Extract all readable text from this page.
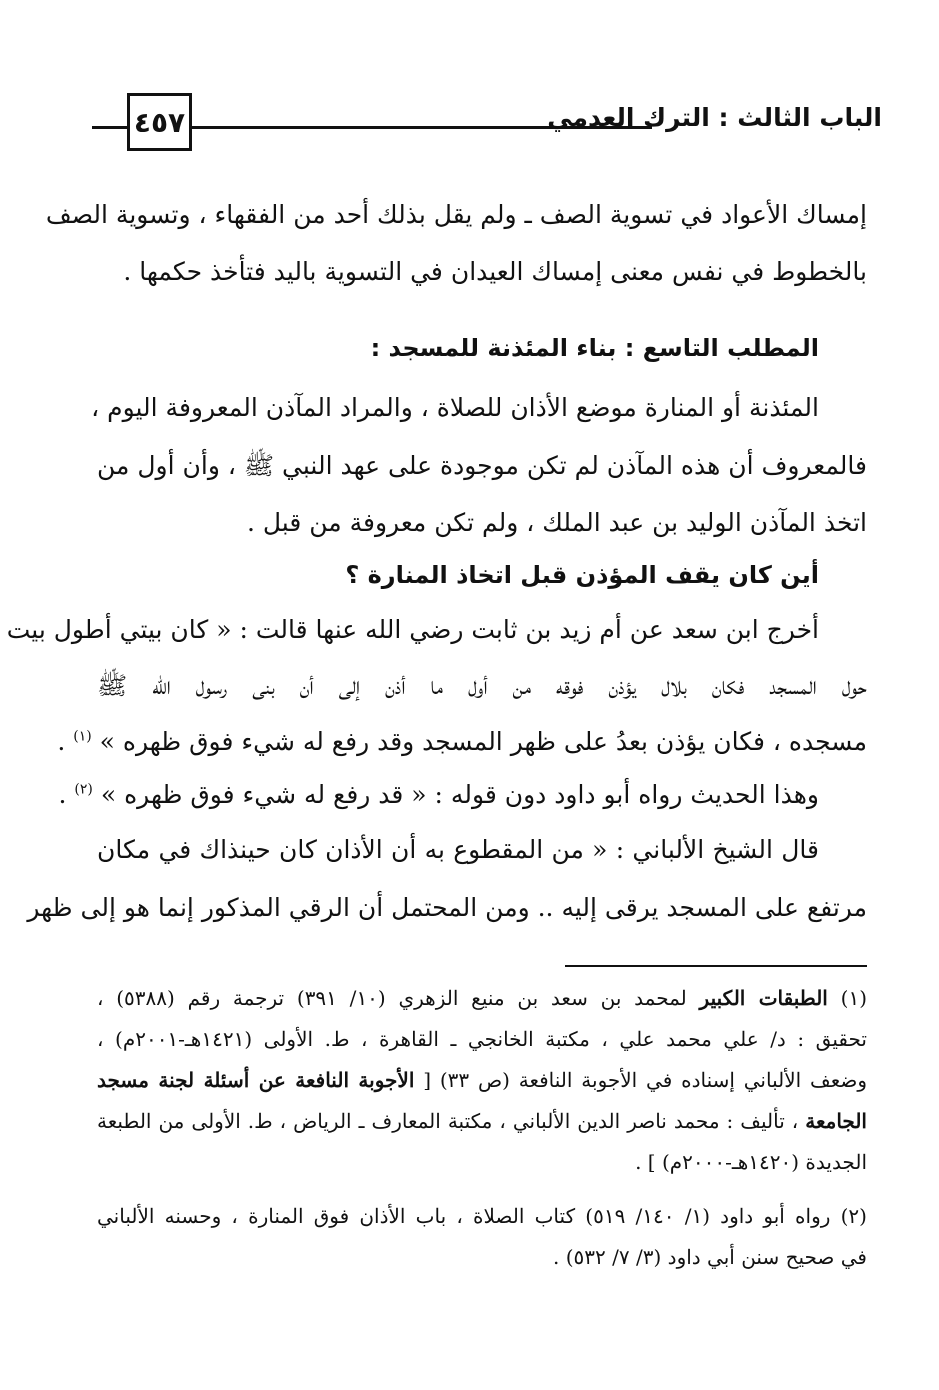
٤٥٧	الباب الثالث : الترك العدمي
إمساك الأعواد في تسوية الصف ـ ولم يقل بذلك أحد من الفقهاء ، وتسوية الصف
بالخطوط في نفس معنى إمساك العيدان في التسوية باليد فتأخذ حكمها .
المطلب التاسع : بناء المئذنة للمسجد :
المئذنة أو المنارة موضع الأذان للصلاة ، والمراد المآذن المعروفة اليوم ،
فالمعروف أن هذه المآذن لم تكن موجودة على عهد النبي ﷺ ، وأن أول من
اتخذ المآذن الوليد بن عبد الملك ، ولم تكن معروفة من قبل .
أين كان يقف المؤذن قبل اتخاذ المنارة ؟
أخرج ابن سعد عن أم زيد بن ثابت رضي الله عنها قالت : « كان بيتي أطول بيت
حول المسجد فكان بلال يؤذن فوقه من أول ما أذن إلى أن بنى رسول الله ﷺ
مسجده ، فكان يؤذن بعدُ على ظهر المسجد وقد رفع له شيء فوق ظهره » $^{(١)}$ .
وهذا الحديث رواه أبو داود دون قوله : « قد رفع له شيء فوق ظهره » $^{(٢)}$ .
قال الشيخ الألباني : « من المقطوع به أن الأذان كان حينذاك في مكان
مرتفع على المسجد يرقى إليه .. ومن المحتمل أن الرقي المذكور إنما هو إلى ظهر
(١) الطبقات الكبير لمحمد بن سعد بن منيع الزهري (١٠/ ٣٩١) ترجمة رقم (٥٣٨٨) ،
تحقيق : د/ علي محمد علي ، مكتبة الخانجي ـ القاهرة ، ط. الأولى (١٤٢١هـ-٢٠٠١م) ،
وضعف الألباني إسناده في الأجوبة النافعة (ص ٣٣) [ الأجوبة النافعة عن أسئلة لجنة مسجد
الجامعة ، تأليف : محمد ناصر الدين الألباني ، مكتبة المعارف ـ الرياض ، ط. الأولى من الطبعة
الجديدة (١٤٢٠هـ-٢٠٠٠م) ] .
(٢) رواه أبو داود (١/ ١٤٠/ ٥١٩) كتاب الصلاة ، باب الأذان فوق المنارة ، وحسنه الألباني
في صحيح سنن أبي داود (٣/ ٧/ ٥٣٢) .
